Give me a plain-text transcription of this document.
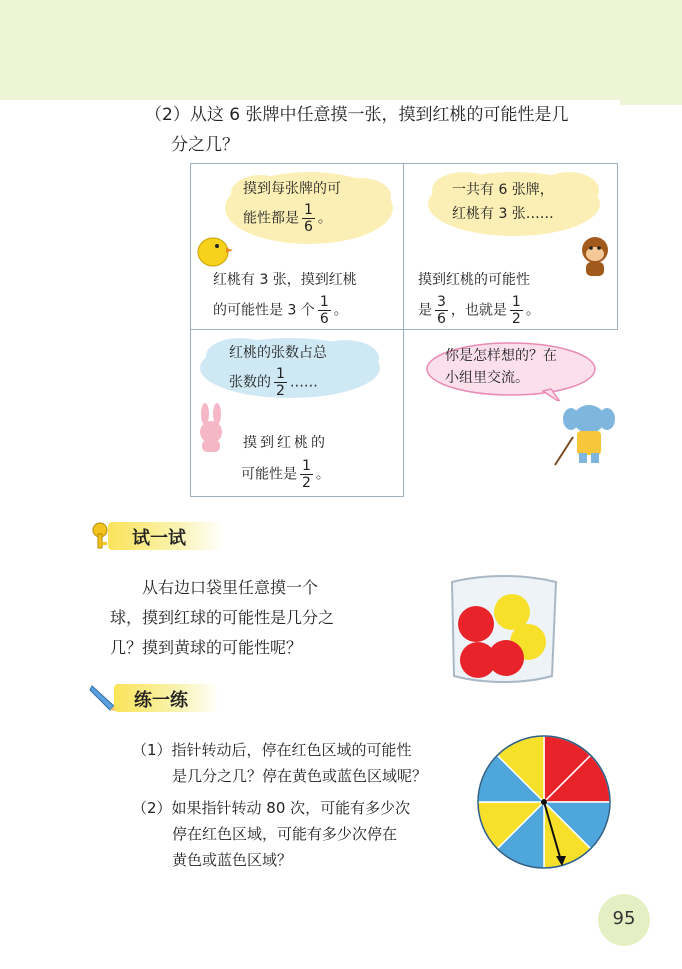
（2）从这 6 张牌中任意摸一张，摸到红桃的可能性是几
分之几？
摸到每张牌的可
能性都是 $\frac{1}{6}$ 。
红桃有 3 张，摸到红桃
的可能性是 3 个 $\frac{1}{6}$ 。
一共有 6 张牌，
红桃有 3 张……
摸到红桃的可能性
是 $\frac{3}{6}$ ，也就是 $\frac{1}{2}$ 。
红桃的张数占总
张数的 $\frac{1}{2}$ ……
摸到红桃的
可能性是 $\frac{1}{2}$ 。
你是怎样想的？在
小组里交流。
试一试
从右边口袋里任意摸一个
球，摸到红球的可能性是几分之
几？摸到黄球的可能性呢？
练一练
（1）指针转动后，停在红色区域的可能性
是几分之几？停在黄色或蓝色区域呢？
（2）如果指针转动 80 次，可能有多少次
停在红色区域，可能有多少次停在
黄色或蓝色区域？
95
